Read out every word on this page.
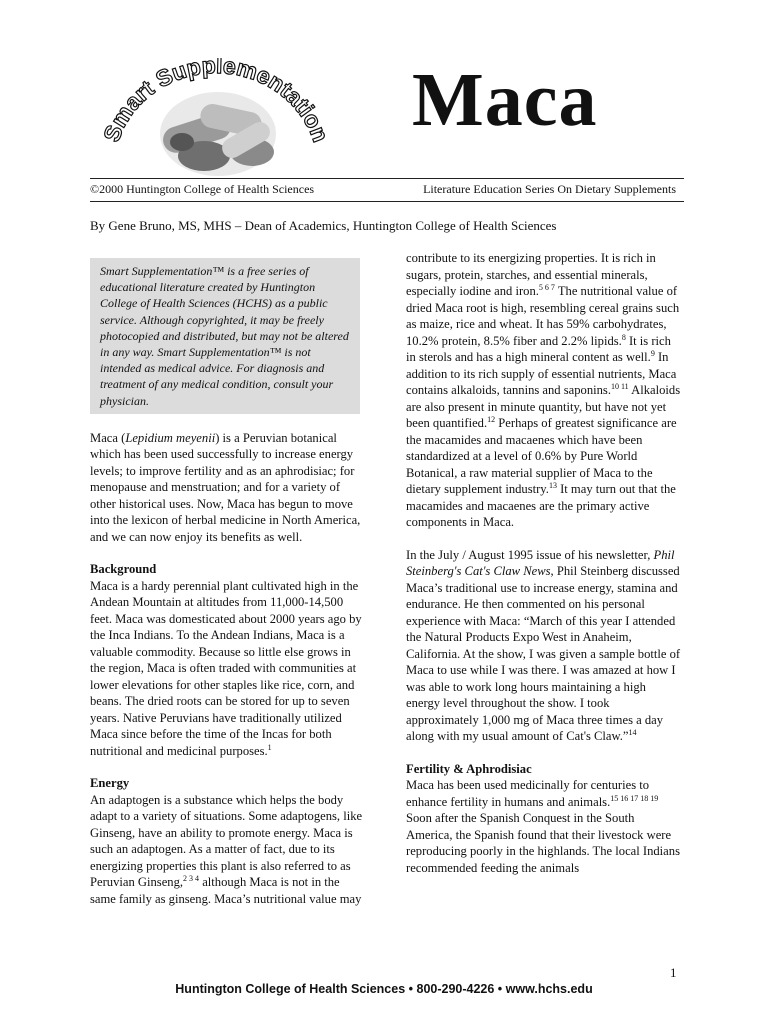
Smart Supplementation Maca
©2000 Huntington College of Health Sciences	Literature Education Series On Dietary Supplements
By Gene Bruno, MS, MHS – Dean of Academics, Huntington College of Health Sciences
Smart Supplementation™ is a free series of educational literature created by Huntington College of Health Sciences (HCHS) as a public service. Although copyrighted, it may be freely photocopied and distributed, but may not be altered in any way. Smart Supplementation™ is not intended as medical advice. For diagnosis and treatment of any medical condition, consult your physician.

Maca (Lepidium meyenii) is a Peruvian botanical which has been used successfully to increase energy levels; to improve fertility and as an aphrodisiac; for menopause and menstruation; and for a variety of other historical uses. Now, Maca has begun to move into the lexicon of herbal medicine in North America, and we can now enjoy its benefits as well.

Background

Maca is a hardy perennial plant cultivated high in the Andean Mountain at altitudes from 11,000-14,500 feet. Maca was domesticated about 2000 years ago by the Inca Indians. To the Andean Indians, Maca is a valuable commodity. Because so little else grows in the region, Maca is often traded with communities at lower elevations for other staples like rice, corn, and beans. The dried roots can be stored for up to seven years. Native Peruvians have traditionally utilized Maca since before the time of the Incas for both nutritional and medicinal purposes.$^1$

Energy

An adaptogen is a substance which helps the body adapt to a variety of situations. Some adaptogens, like Ginseng, have an ability to promote energy. Maca is such an adaptogen. As a matter of fact, due to its energizing properties this plant is also referred to as Peruvian Ginseng,$^{2 3 4}$ although Maca is not in the same family as ginseng. Maca’s nutritional value may

contribute to its energizing properties. It is rich in sugars, protein, starches, and essential minerals, especially iodine and iron.$^{5 6 7}$ The nutritional value of dried Maca root is high, resembling cereal grains such as maize, rice and wheat. It has 59% carbohydrates, 10.2% protein, 8.5% fiber and 2.2% lipids.$^8$ It is rich in sterols and has a high mineral content as well.$^9$ In addition to its rich supply of essential nutrients, Maca contains alkaloids, tannins and saponins.$^{10 11}$ Alkaloids are also present in minute quantity, but have not yet been quantified.$^{12}$ Perhaps of greatest significance are the macamides and macaenes which have been standardized at a level of 0.6% by Pure World Botanical, a raw material supplier of Maca to the dietary supplement industry.$^{13}$ It may turn out that the macamides and macaenes are the primary active components in Maca.

In the July / August 1995 issue of his newsletter, Phil Steinberg's Cat's Claw News, Phil Steinberg discussed Maca’s traditional use to increase energy, stamina and endurance. He then commented on his personal experience with Maca: “March of this year I attended the Natural Products Expo West in Anaheim, California. At the show, I was given a sample bottle of Maca to use while I was there. I was amazed at how I was able to work long hours maintaining a high energy level throughout the show. I took approximately 1,000 mg of Maca three times a day along with my usual amount of Cat's Claw.”$^{14}$

Fertility & Aphrodisiac

Maca has been used medicinally for centuries to enhance fertility in humans and animals.$^{15 16 17 18 19}$ Soon after the Spanish Conquest in the South America, the Spanish found that their livestock were reproducing poorly in the highlands. The local Indians recommended feeding the animals

1
Huntington College of Health Sciences • 800-290-4226 • www.hchs.edu
